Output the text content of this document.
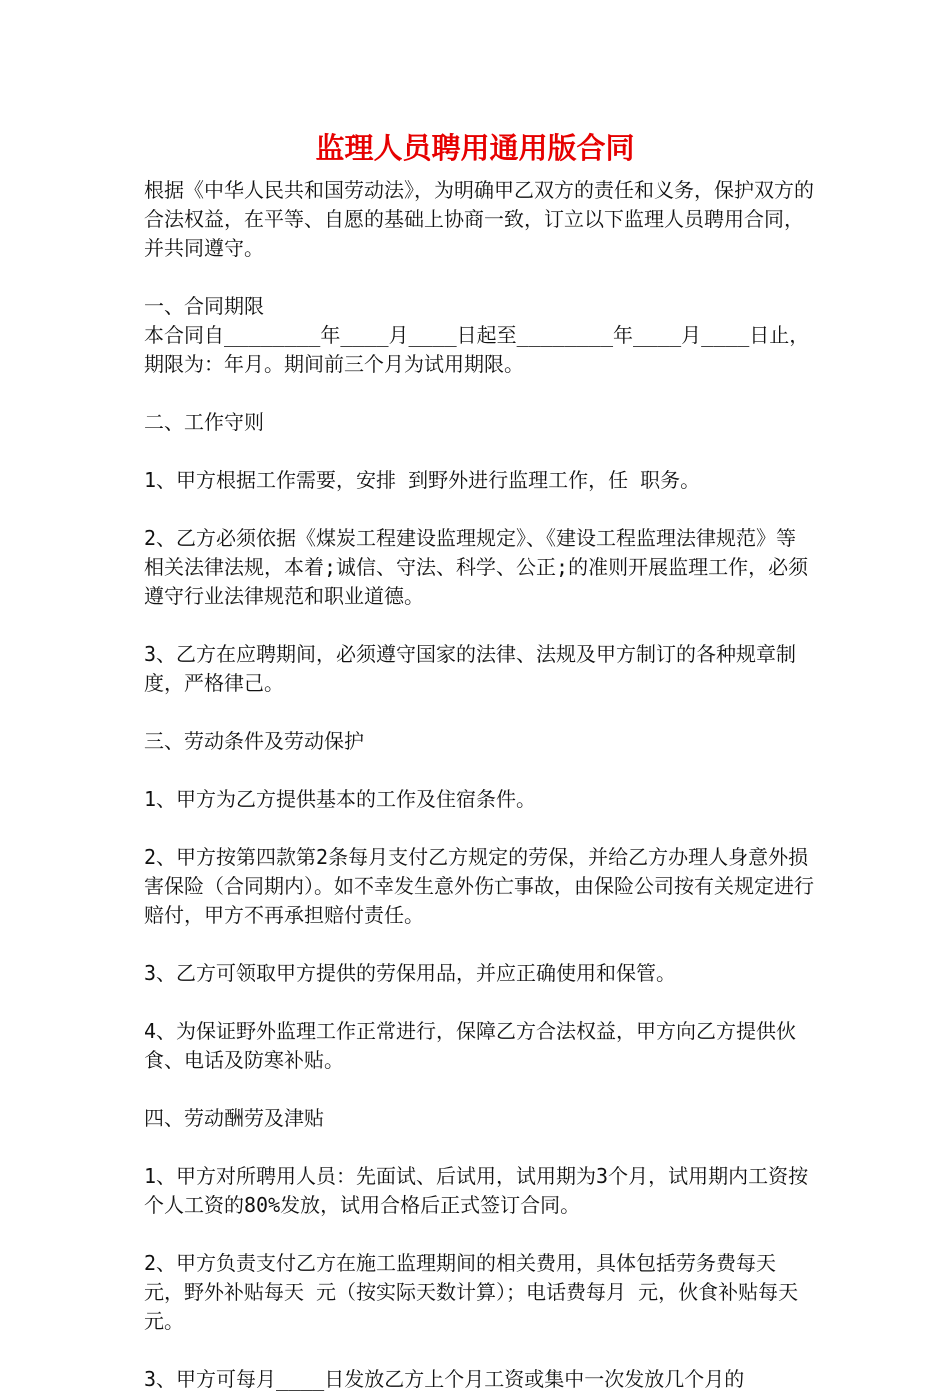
监理人员聘用通用版合同

根据《中华人民共和国劳动法》，为明确甲乙双方的责任和义务，保护双方的合法权益，在平等、自愿的基础上协商一致，订立以下监理人员聘用合同，并共同遵守。

一、合同期限

本合同自________年____月____日起至________年____月____日止，期限为：年月。期间前三个月为试用期限。

二、工作守则

1、甲方根据工作需要，安排 到野外进行监理工作，任 职务。

2、乙方必须依据《煤炭工程建设监理规定》、《建设工程监理法律规范》等相关法律法规，本着;诚信、守法、科学、公正;的准则开展监理工作，必须遵守行业法律规范和职业道德。

3、乙方在应聘期间，必须遵守国家的法律、法规及甲方制订的各种规章制度，严格律己。

三、劳动条件及劳动保护

1、甲方为乙方提供基本的工作及住宿条件。

2、甲方按第四款第2条每月支付乙方规定的劳保，并给乙方办理人身意外损害保险（合同期内）。如不幸发生意外伤亡事故，由保险公司按有关规定进行赔付，甲方不再承担赔付责任。

3、乙方可领取甲方提供的劳保用品，并应正确使用和保管。

4、为保证野外监理工作正常进行，保障乙方合法权益，甲方向乙方提供伙食、电话及防寒补贴。

四、劳动酬劳及津贴

1、甲方对所聘用人员：先面试、后试用，试用期为3个月，试用期内工资按个人工资的80%发放，试用合格后正式签订合同。

2、甲方负责支付乙方在施工监理期间的相关费用，具体包括劳务费每天 元，野外补贴每天 元（按实际天数计算）；电话费每月 元，伙食补贴每天 元。

3、甲方可每月____日发放乙方上个月工资或集中一次发放几个月的
